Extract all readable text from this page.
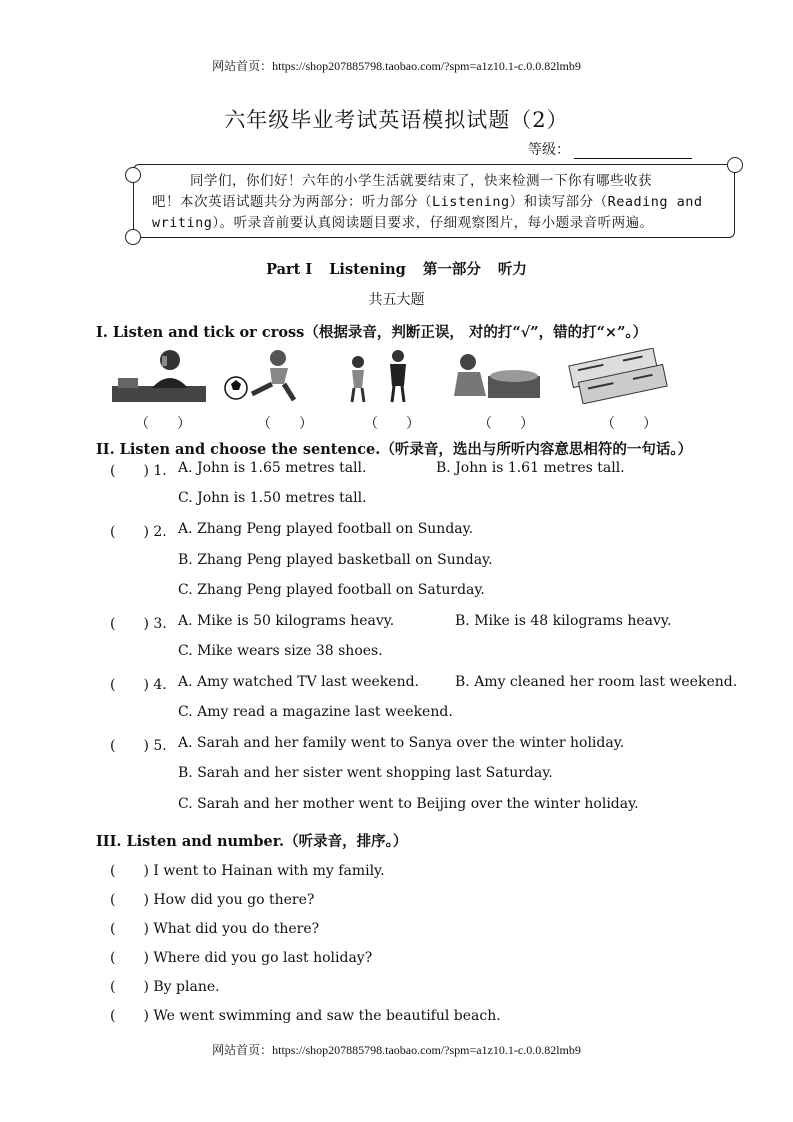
网站首页：https://shop207885798.taobao.com/?spm=a1z10.1-c.0.0.82lmb9
六年级毕业考试英语模拟试题（2）
等级：
同学们，你们好！六年的小学生活就要结束了，快来检测一下你有哪些收获
吧！本次英语试题共分为两部分：听力部分（Listening）和读写部分（Reading and
writing）。听录音前要认真阅读题目要求，仔细观察图片，每小题录音听两遍。
Part I Listening 第一部分 听力
共五大题
I. Listen and tick or cross（根据录音，判断正误， 对的打“√”，错的打“×”。）
（　　）	（　　）	（　　）	（　　）	（　　）
II. Listen and choose the sentence.（听录音，选出与所听内容意思相符的一句话。）
(　　) 1. A. John is 1.65 metres tall.	B. John is 1.61 metres tall.
C. John is 1.50 metres tall.
(　　) 2. A. Zhang Peng played football on Sunday.
B. Zhang Peng played basketball on Sunday.
C. Zhang Peng played football on Saturday.
(　　) 3. A. Mike is 50 kilograms heavy.	B. Mike is 48 kilograms heavy.
C. Mike wears size 38 shoes.
(　　) 4. A. Amy watched TV last weekend.	B. Amy cleaned her room last weekend.
C. Amy read a magazine last weekend.
(　　) 5. A. Sarah and her family went to Sanya over the winter holiday.
B. Sarah and her sister went shopping last Saturday.
C. Sarah and her mother went to Beijing over the winter holiday.
III. Listen and number.（听录音，排序。）
(　　) I went to Hainan with my family.
(　　) How did you go there?
(　　) What did you do there?
(　　) Where did you go last holiday?
(　　) By plane.
(　　) We went swimming and saw the beautiful beach.
网站首页：https://shop207885798.taobao.com/?spm=a1z10.1-c.0.0.82lmb9
